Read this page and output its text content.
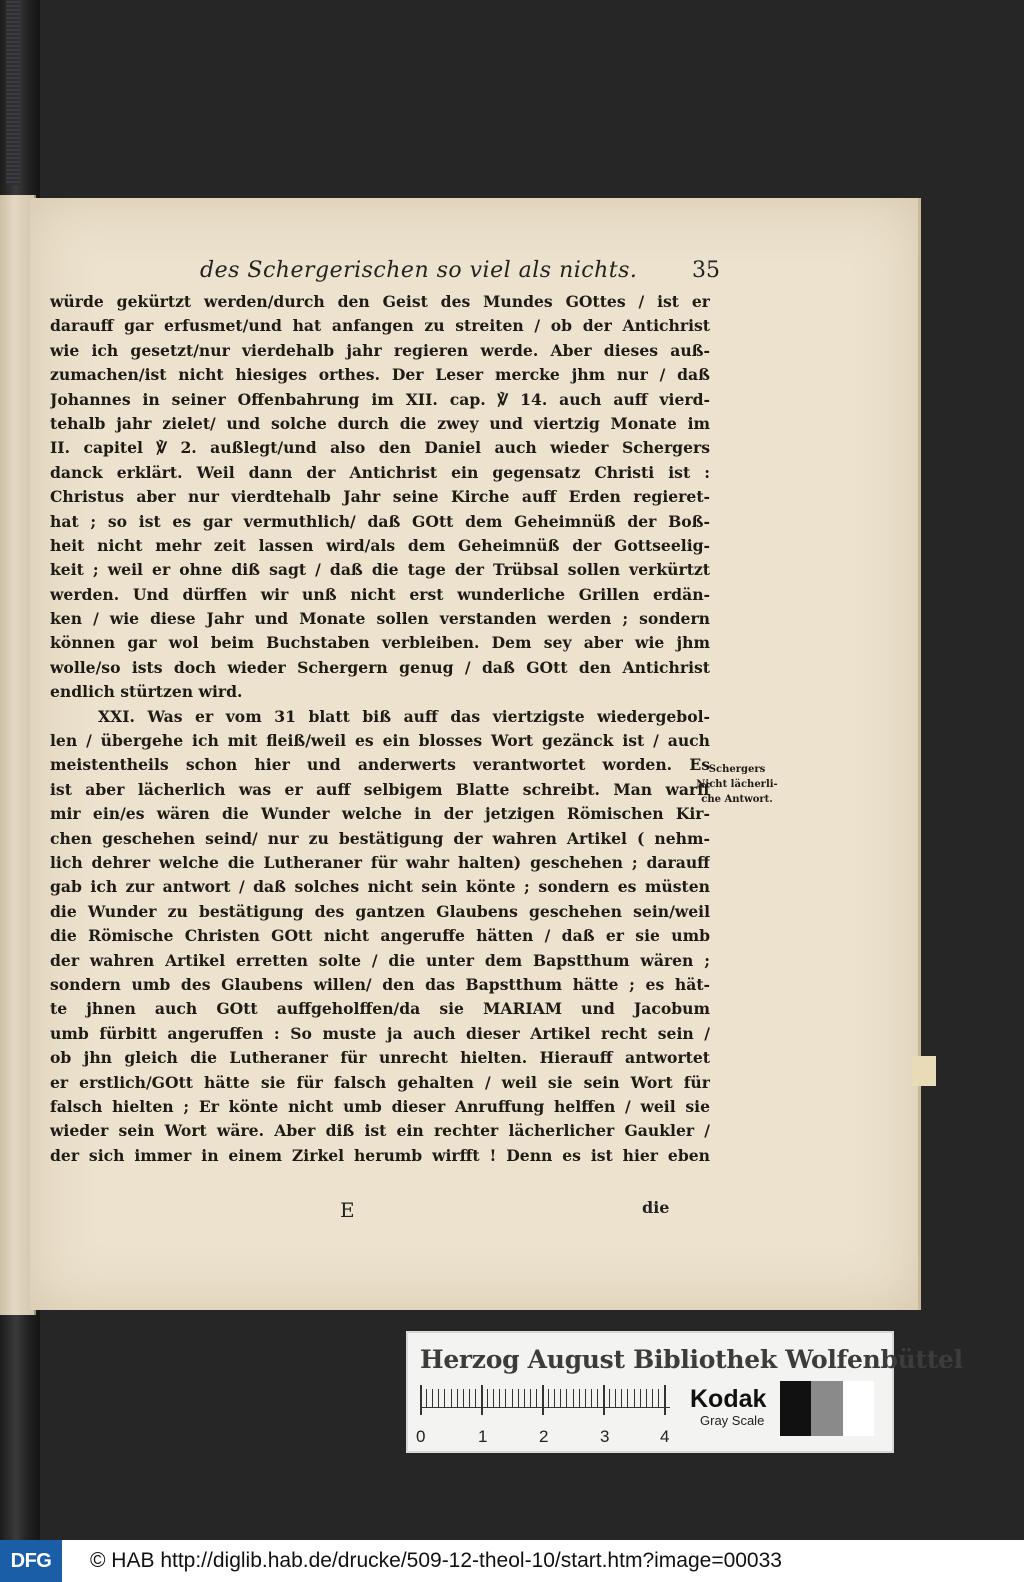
des Schergerischen so viel als nichts. 35
würde gekürtzt werden/durch den Geist des Mundes GOttes / ist er
darauff gar erfusmet/und hat anfangen zu streiten / ob der Antichrist
wie ich gesetzt/nur vierdehalb jahr regieren werde. Aber dieses auß-
zumachen/ist nicht hiesiges orthes. Der Leser mercke jhm nur / daß
Johannes in seiner Offenbahrung im XII. cap. ℣ 14. auch auff vierd-
tehalb jahr zielet/ und solche durch die zwey und viertzig Monate im
II. capitel ℣ 2. außlegt/und also den Daniel auch wieder Schergers
danck erklärt. Weil dann der Antichrist ein gegensatz Christi ist :
Christus aber nur vierdtehalb Jahr seine Kirche auff Erden regieret-
hat ; so ist es gar vermuthlich/ daß GOtt dem Geheimnüß der Boß-
heit nicht mehr zeit lassen wird/als dem Geheimnüß der Gottseelig-
keit ; weil er ohne diß sagt / daß die tage der Trübsal sollen verkürtzt
werden. Und dürffen wir unß nicht erst wunderliche Grillen erdän-
ken / wie diese Jahr und Monate sollen verstanden werden ; sondern
können gar wol beim Buchstaben verbleiben. Dem sey aber wie jhm
wolle/so ists doch wieder Schergern genug / daß GOtt den Antichrist
endlich stürtzen wird.
XXI. Was er vom 31 blatt biß auff das viertzigste wiedergebol-
len / übergehe ich mit fleiß/weil es ein blosses Wort gezänck ist / auch
meistentheils schon hier und anderwerts verantwortet worden. Es
ist aber lächerlich was er auff selbigem Blatte schreibt. Man warff
mir ein/es wären die Wunder welche in der jetzigen Römischen Kir-
chen geschehen seind/ nur zu bestätigung der wahren Artikel ( nehm-
lich dehrer welche die Lutheraner für wahr halten) geschehen ; darauff
gab ich zur antwort / daß solches nicht sein könte ; sondern es müsten
die Wunder zu bestätigung des gantzen Glaubens geschehen sein/weil
die Römische Christen GOtt nicht angeruffe hätten / daß er sie umb
der wahren Artikel erretten solte / die unter dem Bapstthum wären ;
sondern umb des Glaubens willen/ den das Bapstthum hätte ; es hät-
te jhnen auch GOtt auffgeholffen/da sie MARIAM und Jacobum
umb fürbitt angeruffen : So muste ja auch dieser Artikel recht sein /
ob jhn gleich die Lutheraner für unrecht hielten. Hierauff antwortet
er erstlich/GOtt hätte sie für falsch gehalten / weil sie sein Wort für
falsch hielten ; Er könte nicht umb dieser Anruffung helffen / weil sie
wieder sein Wort wäre. Aber diß ist ein rechter lächerlicher Gaukler /
der sich immer in einem Zirkel herumb wirfft ! Denn es ist hier eben
Schergers
Nicht lächerli-
che Antwort.
E	die
Herzog August Bibliothek Wolfenbüttel
0	1	2	3	4
Kodak
Gray Scale
DFG	© HAB http://diglib.hab.de/drucke/509-12-theol-10/start.htm?image=00033
